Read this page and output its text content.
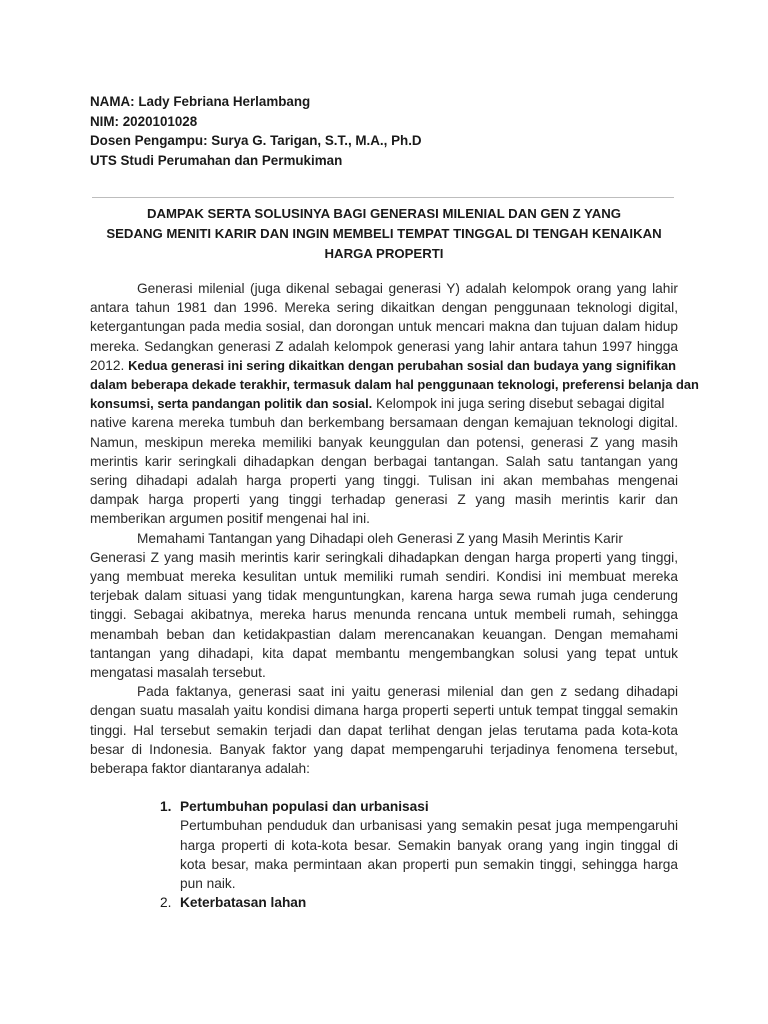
NAMA: Lady Febriana Herlambang
NIM: 2020101028
Dosen Pengampu: Surya G. Tarigan, S.T., M.A., Ph.D
UTS Studi Perumahan dan Permukiman
DAMPAK SERTA SOLUSINYA BAGI GENERASI MILENIAL DAN GEN Z YANG
SEDANG MENITI KARIR DAN INGIN MEMBELI TEMPAT TINGGAL DI TENGAH KENAIKAN
HARGA PROPERTI
Generasi milenial (juga dikenal sebagai generasi Y) adalah kelompok orang yang lahir
antara tahun 1981 dan 1996. Mereka sering dikaitkan dengan penggunaan teknologi digital,
ketergantungan pada media sosial, dan dorongan untuk mencari makna dan tujuan dalam hidup
mereka. Sedangkan generasi Z adalah kelompok generasi yang lahir antara tahun 1997 hingga
2012. Kedua generasi ini sering dikaitkan dengan perubahan sosial dan budaya yang signifikan
dalam beberapa dekade terakhir, termasuk dalam hal penggunaan teknologi, preferensi belanja dan
konsumsi, serta pandangan politik dan sosial. Kelompok ini juga sering disebut sebagai digital
native karena mereka tumbuh dan berkembang bersamaan dengan kemajuan teknologi digital.
Namun, meskipun mereka memiliki banyak keunggulan dan potensi, generasi Z yang masih
merintis karir seringkali dihadapkan dengan berbagai tantangan. Salah satu tantangan yang
sering dihadapi adalah harga properti yang tinggi. Tulisan ini akan membahas mengenai
dampak harga properti yang tinggi terhadap generasi Z yang masih merintis karir dan
memberikan argumen positif mengenai hal ini.
Memahami Tantangan yang Dihadapi oleh Generasi Z yang Masih Merintis Karir
Generasi Z yang masih merintis karir seringkali dihadapkan dengan harga properti yang tinggi,
yang membuat mereka kesulitan untuk memiliki rumah sendiri. Kondisi ini membuat mereka
terjebak dalam situasi yang tidak menguntungkan, karena harga sewa rumah juga cenderung
tinggi. Sebagai akibatnya, mereka harus menunda rencana untuk membeli rumah, sehingga
menambah beban dan ketidakpastian dalam merencanakan keuangan. Dengan memahami
tantangan yang dihadapi, kita dapat membantu mengembangkan solusi yang tepat untuk
mengatasi masalah tersebut.
Pada faktanya, generasi saat ini yaitu generasi milenial dan gen z sedang dihadapi
dengan suatu masalah yaitu kondisi dimana harga properti seperti untuk tempat tinggal semakin
tinggi. Hal tersebut semakin terjadi dan dapat terlihat dengan jelas terutama pada kota-kota
besar di Indonesia. Banyak faktor yang dapat mempengaruhi terjadinya fenomena tersebut,
beberapa faktor diantaranya adalah:
1. Pertumbuhan populasi dan urbanisasi
Pertumbuhan penduduk dan urbanisasi yang semakin pesat juga mempengaruhi
harga properti di kota-kota besar. Semakin banyak orang yang ingin tinggal di
kota besar, maka permintaan akan properti pun semakin tinggi, sehingga harga
pun naik.
2. Keterbatasan lahan
